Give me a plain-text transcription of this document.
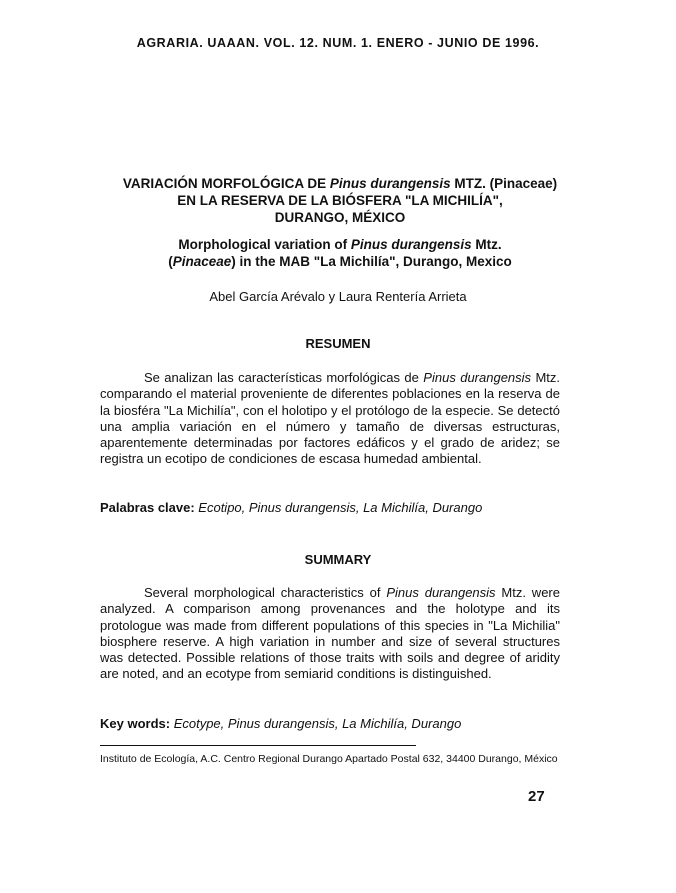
AGRARIA. UAAAN. VOL. 12. NUM. 1. ENERO - JUNIO DE 1996.
VARIACIÓN MORFOLÓGICA DE Pinus durangensis MTZ. (Pinaceae)
EN LA RESERVA DE LA BIÓSFERA "LA MICHILÍA",
DURANGO, MÉXICO
Morphological variation of Pinus durangensis Mtz.
(Pinaceae) in the MAB "La Michilía", Durango, Mexico
Abel García Arévalo y Laura Rentería Arrieta
RESUMEN

Se analizan las características morfológicas de Pinus durangensis Mtz. comparando el material proveniente de diferentes poblaciones en la reserva de la biosféra "La Michilía", con el holotipo y el protólogo de la especie. Se detectó una amplia variación en el número y tamaño de diversas estructuras, aparentemente determinadas por factores edáficos y el grado de aridez; se registra un ecotipo de condiciones de escasa humedad ambiental.

Palabras clave: Ecotipo, Pinus durangensis, La Michilía, Durango
SUMMARY

Several morphological characteristics of Pinus durangensis Mtz. were analyzed. A comparison among provenances and the holotype and its protologue was made from different populations of this species in "La Michilia" biosphere reserve. A high variation in number and size of several structures was detected. Possible relations of those traits with soils and degree of aridity are noted, and an ecotype from semiarid conditions is distinguished.

Key words: Ecotype, Pinus durangensis, La Michilía, Durango
Instituto de Ecología, A.C. Centro Regional Durango Apartado Postal 632, 34400 Durango, México
27
